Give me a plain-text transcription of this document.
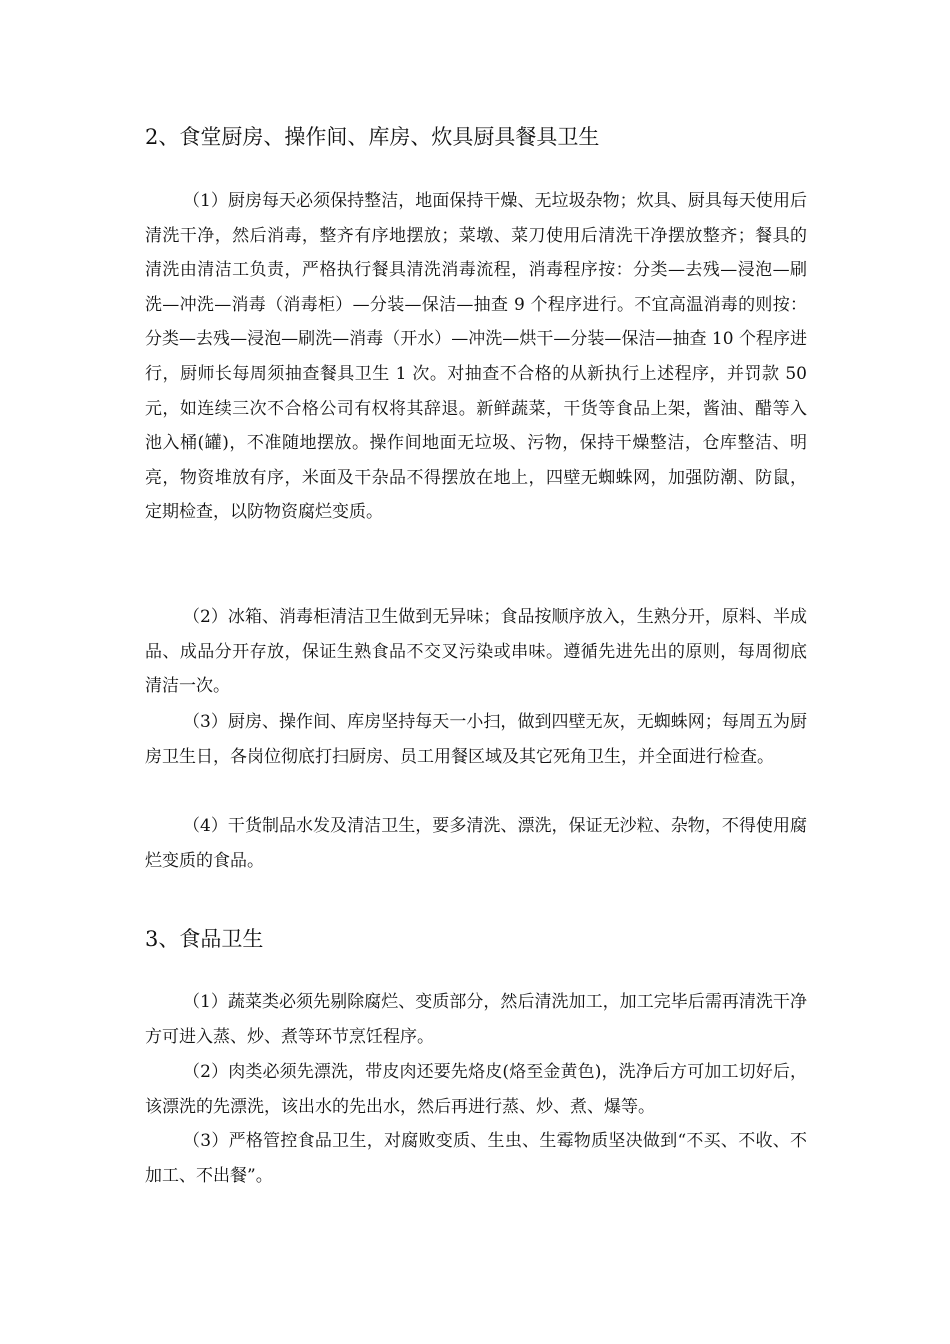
2、食堂厨房、操作间、库房、炊具厨具餐具卫生

（1）厨房每天必须保持整洁，地面保持干燥、无垃圾杂物；炊具、厨具每天使用后清洗干净，然后消毒，整齐有序地摆放；菜墩、菜刀使用后清洗干净摆放整齐；餐具的清洗由清洁工负责，严格执行餐具清洗消毒流程，消毒程序按：分类—去残—浸泡—刷洗—冲洗—消毒（消毒柜）—分装—保洁—抽查 9 个程序进行。不宜高温消毒的则按：分类—去残—浸泡—刷洗—消毒（开水）—冲洗—烘干—分装—保洁—抽查 10 个程序进行，厨师长每周须抽查餐具卫生 1 次。对抽查不合格的从新执行上述程序，并罚款 50 元，如连续三次不合格公司有权将其辞退。新鲜蔬菜，干货等食品上架，酱油、醋等入池入桶(罐)，不准随地摆放。操作间地面无垃圾、污物，保持干燥整洁，仓库整洁、明亮，物资堆放有序，米面及干杂品不得摆放在地上，四壁无蜘蛛网，加强防潮、防鼠，定期检查，以防物资腐烂变质。

（2）冰箱、消毒柜清洁卫生做到无异味；食品按顺序放入，生熟分开，原料、半成品、成品分开存放，保证生熟食品不交叉污染或串味。遵循先进先出的原则，每周彻底清洁一次。

（3）厨房、操作间、库房坚持每天一小扫，做到四壁无灰，无蜘蛛网；每周五为厨房卫生日，各岗位彻底打扫厨房、员工用餐区域及其它死角卫生，并全面进行检查。

（4）干货制品水发及清洁卫生，要多清洗、漂洗，保证无沙粒、杂物，不得使用腐烂变质的食品。

3、食品卫生

（1）蔬菜类必须先剔除腐烂、变质部分，然后清洗加工，加工完毕后需再清洗干净方可进入蒸、炒、煮等环节烹饪程序。

（2）肉类必须先漂洗，带皮肉还要先烙皮(烙至金黄色)，洗净后方可加工切好后，该漂洗的先漂洗，该出水的先出水，然后再进行蒸、炒、煮、爆等。

（3）严格管控食品卫生，对腐败变质、生虫、生霉物质坚决做到“不买、不收、不加工、不出餐”。
